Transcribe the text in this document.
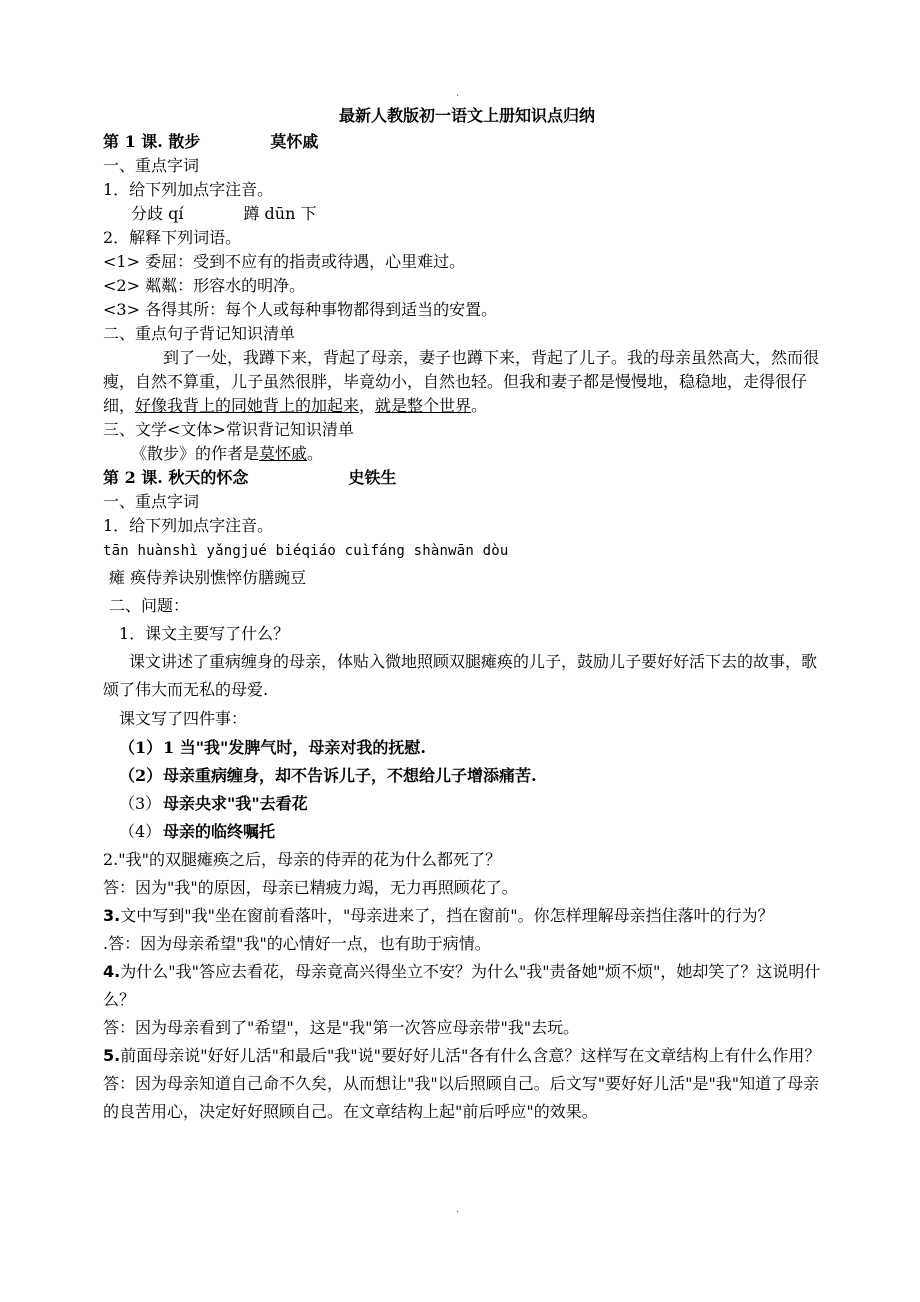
·
最新人教版初一语文上册知识点归纳
第 1 课. 散步	莫怀戚
一、重点字词
1．给下列加点字注音。
分歧 qí	蹲 dūn 下
2．解释下列词语。
<1> 委屈：受到不应有的指责或待遇，心里难过。
<2> 粼粼：形容水的明净。
<3> 各得其所：每个人或每种事物都得到适当的安置。
二、重点句子背记知识清单
到了一处，我蹲下来，背起了母亲，妻子也蹲下来，背起了儿子。我的母亲虽然高大，然而很瘦，自然不算重，儿子虽然很胖，毕竟幼小，自然也轻。但我和妻子都是慢慢地，稳稳地，走得很仔细，好像我背上的同她背上的加起来，就是整个世界。
三、文学<文体>常识背记知识清单
《散步》的作者是莫怀戚。
第 2 课. 秋天的怀念	史铁生
一、重点字词
1．给下列加点字注音。
tān huànshì yǎngjué biéqiáo cuìfáng shànwān dòu
瘫 痪侍养诀别憔悴仿膳豌豆
二、问题：
1．课文主要写了什么？
课文讲述了重病缠身的母亲，体贴入微地照顾双腿瘫痪的儿子，鼓励儿子要好好活下去的故事，歌颂了伟大而无私的母爱.
课文写了四件事：
（1）1 当"我"发脾气时，母亲对我的抚慰.
（2）母亲重病缠身，却不告诉儿子，不想给儿子增添痛苦.
（3） 母亲央求"我"去看花
（4） 母亲的临终嘱托
2."我"的双腿瘫痪之后，母亲的侍弄的花为什么都死了？
答：因为"我"的原因，母亲已精疲力竭，无力再照顾花了。
3.文中写到"我"坐在窗前看落叶，"母亲进来了，挡在窗前"。你怎样理解母亲挡住落叶的行为？
.答：因为母亲希望"我"的心情好一点，也有助于病情。
4.为什么"我"答应去看花，母亲竟高兴得坐立不安？为什么"我"责备她"烦不烦"，她却笑了？这说明什么？
答：因为母亲看到了"希望"，这是"我"第一次答应母亲带"我"去玩。
5.前面母亲说"好好儿活"和最后"我"说"要好好儿活"各有什么含意？这样写在文章结构上有什么作用？
答：因为母亲知道自己命不久矣，从而想让"我"以后照顾自己。后文写"要好好儿活"是"我"知道了母亲的良苦用心，决定好好照顾自己。在文章结构上起"前后呼应"的效果。
·
